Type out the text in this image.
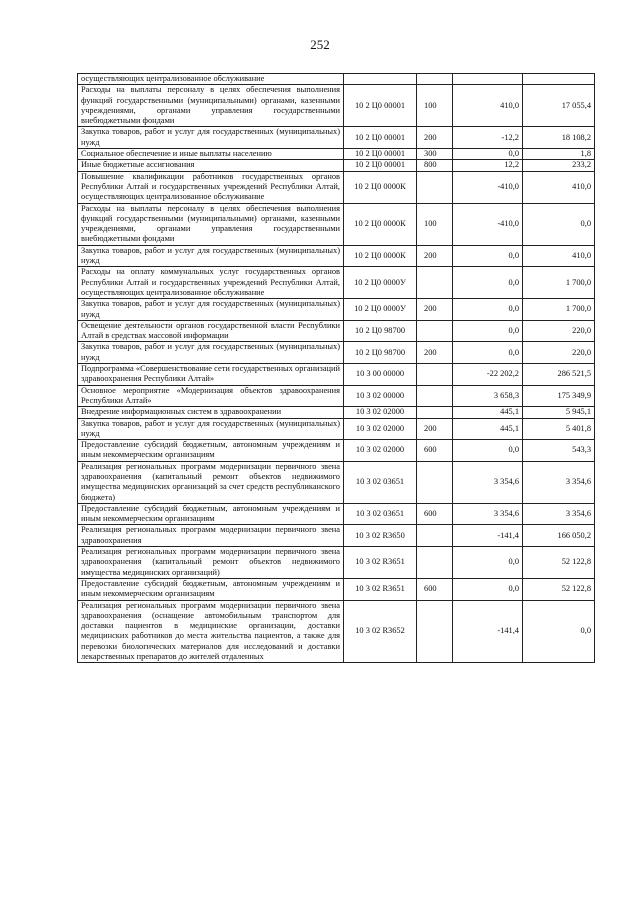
252
осуществляющих централизованное обслуживание				
Расходы на выплаты персоналу в целях обеспечения выполнения функций государственными (муниципальными) органами, казенными учреждениями, органами управления государственными внебюджетными фондами	10 2 Ц0 00001	100	410,0	17 055,4
Закупка товаров, работ и услуг для государственных (муниципальных) нужд	10 2 Ц0 00001	200	-12,2	18 108,2
Социальное обеспечение и иные выплаты населению	10 2 Ц0 00001	300	0,0	1,8
Иные бюджетные ассигнования	10 2 Ц0 00001	800	12,2	233,2
Повышение квалификации работников государственных органов Республики Алтай и государственных учреждений Республики Алтай, осуществляющих централизованное обслуживание	10 2 Ц0 0000К		-410,0	410,0
Расходы на выплаты персоналу в целях обеспечения выполнения функций государственными (муниципальными) органами, казенными учреждениями, органами управления государственными внебюджетными фондами	10 2 Ц0 0000К	100	-410,0	0,0
Закупка товаров, работ и услуг для государственных (муниципальных) нужд	10 2 Ц0 0000К	200	0,0	410,0
Расходы на оплату коммунальных услуг государственных органов Республики Алтай и государственных учреждений Республики Алтай, осуществляющих централизованное обслуживание	10 2 Ц0 0000У		0,0	1 700,0
Закупка товаров, работ и услуг для государственных (муниципальных) нужд	10 2 Ц0 0000У	200	0,0	1 700,0
Освещение деятельности органов государственной власти Республики Алтай в средствах массовой информации	10 2 Ц0 98700		0,0	220,0
Закупка товаров, работ и услуг для государственных (муниципальных) нужд	10 2 Ц0 98700	200	0,0	220,0
Подпрограмма «Совершенствование сети государственных организаций здравоохранения Республики Алтай»	10 3 00 00000		-22 202,2	286 521,5
Основное мероприятие «Модернизация объектов здравоохранения Республики Алтай»	10 3 02 00000		3 658,3	175 349,9
Внедрение информационных систем в здравоохранении	10 3 02 02000		445,1	5 945,1
Закупка товаров, работ и услуг для государственных (муниципальных) нужд	10 3 02 02000	200	445,1	5 401,8
Предоставление субсидий бюджетным, автономным учреждениям и иным некоммерческим организациям	10 3 02 02000	600	0,0	543,3
Реализация региональных программ модернизации первичного звена здравоохранения (капитальный ремонт объектов недвижимого имущества медицинских организаций за счет средств республиканского бюджета)	10 3 02 03651		3 354,6	3 354,6
Предоставление субсидий бюджетным, автономным учреждениям и иным некоммерческим организациям	10 3 02 03651	600	3 354,6	3 354,6
Реализация региональных программ модернизации первичного звена здравоохранения	10 3 02 R3650		-141,4	166 050,2
Реализация региональных программ модернизации первичного звена здравоохранения (капитальный ремонт объектов недвижимого имущества медицинских организаций)	10 3 02 R3651		0,0	52 122,8
Предоставление субсидий бюджетным, автономным учреждениям и иным некоммерческим организациям	10 3 02 R3651	600	0,0	52 122,8
Реализация региональных программ модернизации первичного звена здравоохранения (оснащение автомобильным транспортом для доставки пациентов в медицинские организации, доставки медицинских работников до места жительства пациентов, а также для перевозки биологических материалов для исследований и доставки лекарственных препаратов до жителей отдаленных	10 3 02 R3652		-141,4	0,0
